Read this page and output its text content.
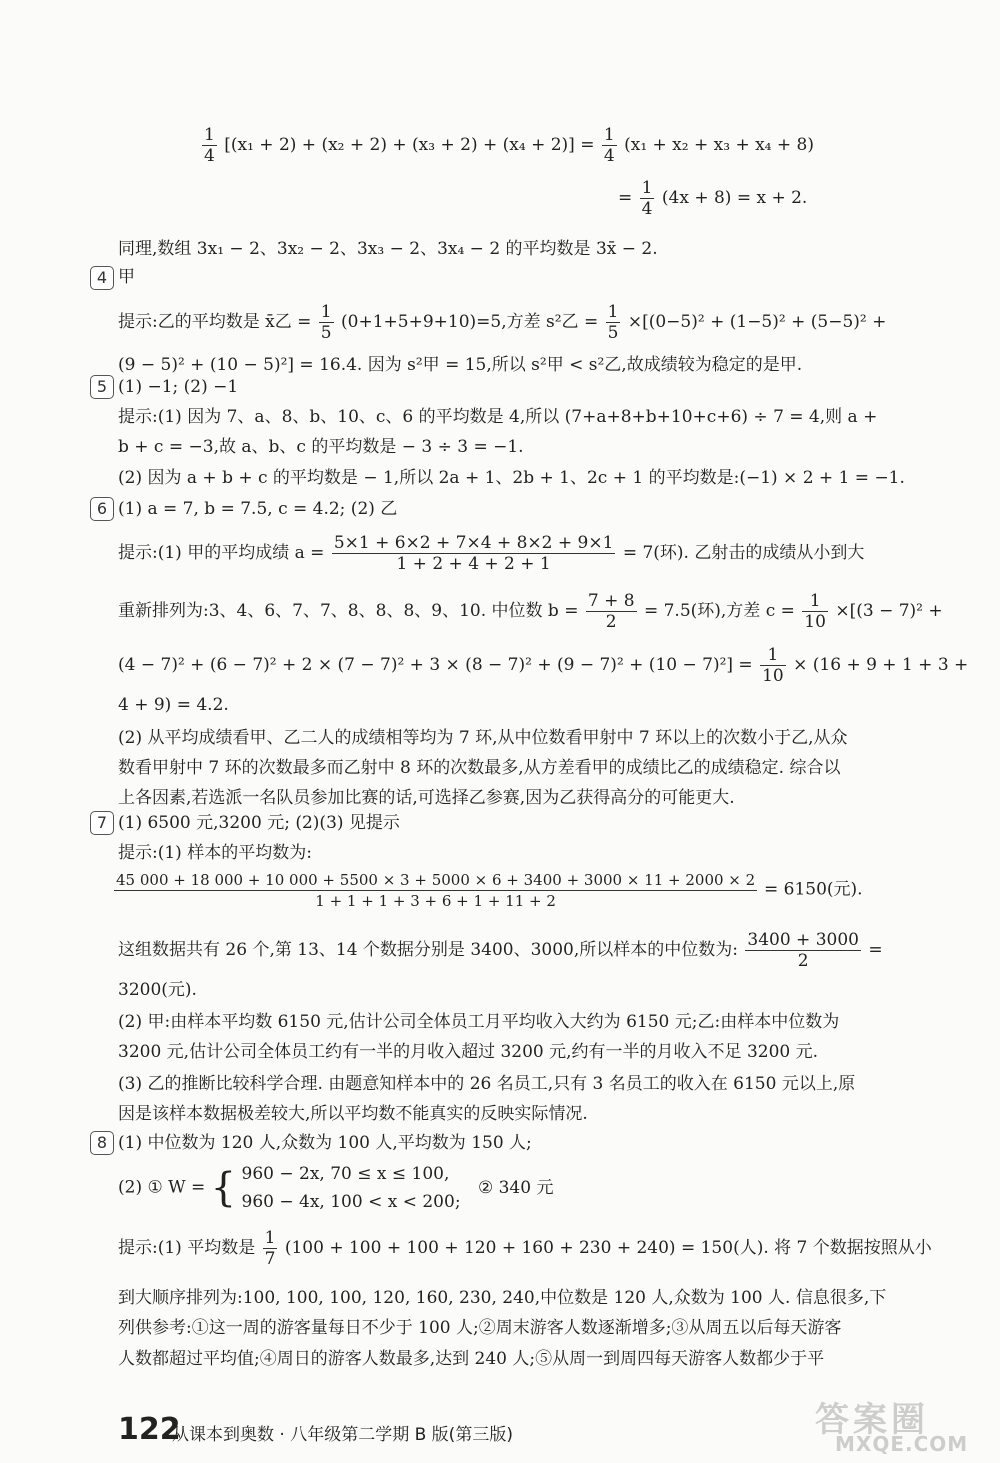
$\frac{1}{4} [(x_1 + 2) + (x_2 + 2) + (x_3 + 2) + (x_4 + 2)] = \frac{1}{4} (x_1 + x_2 + x_3 + x_4 + 8)$
= $\frac{1}{4} (4x + 8) = x + 2$.
同理,数组 3x₁ − 2、3x₂ − 2、3x₃ − 2、3x₄ − 2 的平均数是 3x̄ − 2.
4 甲
提示:乙的平均数是 x̄乙 = $\frac{1}{5} (0+1+5+9+10)=5$,方差 s²乙 = $\frac{1}{5} \times[(0-5)^2 + (1-5)^2 + (5-5)^2$ +
(9 − 5)² + (10 − 5)²] = 16.4. 因为 s²甲 = 15,所以 s²甲 < s²乙,故成绩较为稳定的是甲.
5 (1) −1; (2) −1
提示:(1) 因为 7、a、8、b、10、c、6 的平均数是 4,所以 (7+a+8+b+10+c+6) ÷ 7 = 4,则 a +
b + c = −3,故 a、b、c 的平均数是 − 3 ÷ 3 = −1.
(2) 因为 a + b + c 的平均数是 − 1,所以 2a + 1、2b + 1、2c + 1 的平均数是:(−1) × 2 + 1 = −1.
6 (1) a = 7, b = 7.5, c = 4.2; (2) 乙
提示:(1) 甲的平均成绩 $a = \frac{5\times 1 + 6\times 2 + 7\times 4 + 8\times 2 + 9\times 1}{1 + 2 + 4 + 2 + 1} = 7$(环). 乙射击的成绩从小到大
重新排列为:3、4、6、7、7、8、8、8、9、10. 中位数 $b = \frac{7 + 8}{2} = 7.5$(环),方差 $c = \frac{1}{10} \times[(3 - 7)^2$ +
$(4 - 7)^2 + (6 - 7)^2 + 2 \times (7 - 7)^2 + 3 \times (8 - 7)^2 + (9 - 7)^2 + (10 - 7)^2] = \frac{1}{10} \times (16 + 9 + 1 + 3$ +
4 + 9) = 4.2.
(2) 从平均成绩看甲、乙二人的成绩相等均为 7 环,从中位数看甲射中 7 环以上的次数小于乙,从众
数看甲射中 7 环的次数最多而乙射中 8 环的次数最多,从方差看甲的成绩比乙的成绩稳定. 综合以
上各因素,若选派一名队员参加比赛的话,可选择乙参赛,因为乙获得高分的可能更大.
7 (1) 6500 元,3200 元; (2)(3) 见提示
提示:(1) 样本的平均数为:
45 000 + 18 000 + 10 000 + 5500 × 3 + 5000 × 6 + 3400 + 3000 × 11 + 2000 × 2
1 + 1 + 1 + 3 + 6 + 1 + 11 + 2
= 6150(元).
这组数据共有 26 个,第 13、14 个数据分别是 3400、3000,所以样本的中位数为: $\frac{3400 + 3000}{2}$ =
3200(元).
(2) 甲:由样本平均数 6150 元,估计公司全体员工月平均收入大约为 6150 元;乙:由样本中位数为
3200 元,估计公司全体员工约有一半的月收入超过 3200 元,约有一半的月收入不足 3200 元.
(3) 乙的推断比较科学合理. 由题意知样本中的 26 名员工,只有 3 名员工的收入在 6150 元以上,原
因是该样本数据极差较大,所以平均数不能真实的反映实际情况.
8 (1) 中位数为 120 人,众数为 100 人,平均数为 150 人;
(2) ① W = { 960 − 2x, 70 ≤ x ≤ 100,
960 − 4x, 100 < x < 200;
② 340 元
提示:(1) 平均数是 $\frac{1}{7} (100 + 100 + 100 + 120 + 160 + 230 + 240) = 150$(人). 将 7 个数据按照从小
到大顺序排列为:100, 100, 100, 120, 160, 230, 240,中位数是 120 人,众数为 100 人. 信息很多,下
列供参考:①这一周的游客量每日不少于 100 人;②周末游客人数逐渐增多;③从周五以后每天游客
人数都超过平均值;④周日的游客人数最多,达到 240 人;⑤从周一到周四每天游客人数都少于平
122
从课本到奥数 · 八年级第二学期 B 版(第三版)	答案圈
MXQE.COM
